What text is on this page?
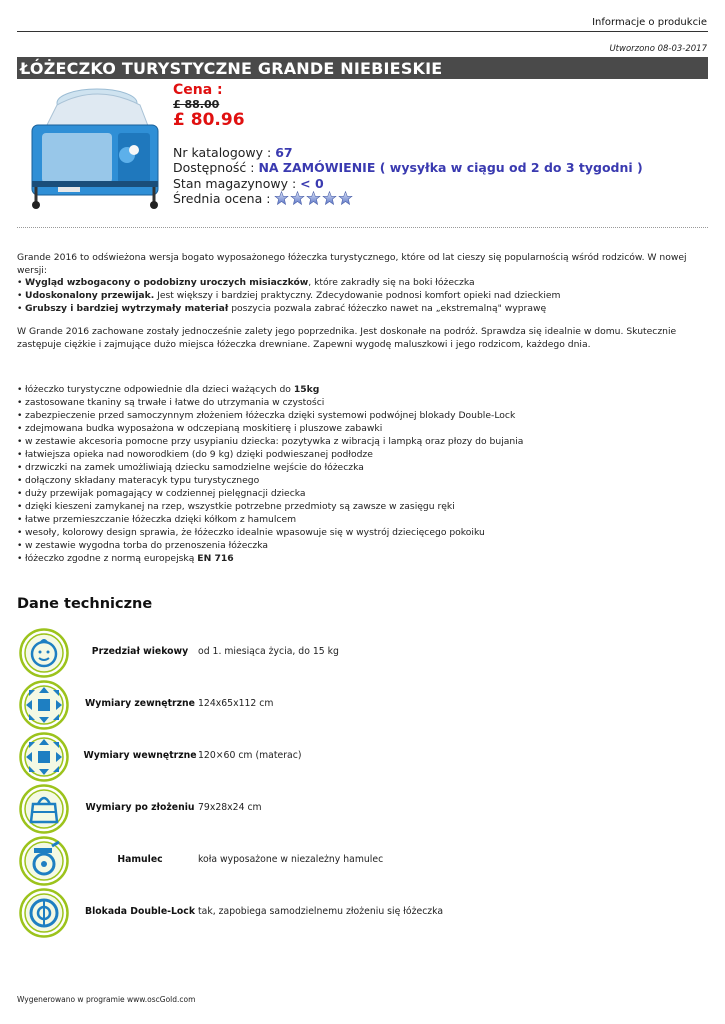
Informacje o produkcie
Utworzono 08-03-2017
ŁÓŻECZKO TURYSTYCZNE GRANDE NIEBIESKIE
Cena :
£ 88.00
£ 80.96
Nr katalogowy : 67
Dostępność : NA ZAMÓWIENIE ( wysyłka w ciągu od 2 do 3 tygodni )
Stan magazynowy : < 0
Średnia ocena :
Grande 2016 to odświeżona wersja bogato wyposażonego łóżeczka turystycznego, które od lat cieszy się popularnością wśród rodziców. W nowej wersji:
• Wygląd wzbogacony o podobizny uroczych misiaczków, które zakradły się na boki łóżeczka
• Udoskonalony przewijak. Jest większy i bardziej praktyczny. Zdecydowanie podnosi komfort opieki nad dzieckiem
• Grubszy i bardziej wytrzymały materiał poszycia pozwala zabrać łóżeczko nawet na „ekstremalną" wyprawę
W Grande 2016 zachowane zostały jednocześnie zalety jego poprzednika. Jest doskonałe na podróż. Sprawdza się idealnie w domu. Skutecznie zastępuje ciężkie i zajmujące dużo miejsca łóżeczka drewniane. Zapewni wygodę maluszkowi i jego rodzicom, każdego dnia.
• łóżeczko turystyczne odpowiednie dla dzieci ważących do 15kg
• zastosowane tkaniny są trwałe i łatwe do utrzymania w czystości
• zabezpieczenie przed samoczynnym złożeniem łóżeczka dzięki systemowi podwójnej blokady Double-Lock
• zdejmowana budka wyposażona w odczepianą moskitierę i pluszowe zabawki
• w zestawie akcesoria pomocne przy usypianiu dziecka: pozytywka z wibracją i lampką oraz płozy do bujania
• łatwiejsza opieka nad noworodkiem (do 9 kg) dzięki podwieszanej podłodze
• drzwiczki na zamek umożliwiają dziecku samodzielne wejście do łóżeczka
• dołączony składany materacyk typu turystycznego
• duży przewijak pomagający w codziennej pielęgnacji dziecka
• dzięki kieszeni zamykanej na rzep, wszystkie potrzebne przedmioty są zawsze w zasięgu ręki
• łatwe przemieszczanie łóżeczka dzięki kółkom z hamulcem
• wesoły, kolorowy design sprawia, że łóżeczko idealnie wpasowuje się w wystrój dziecięcego pokoiku
• w zestawie wygodna torba do przenoszenia łóżeczka
• łóżeczko zgodne z normą europejską EN 716
Dane techniczne
Przedział wiekowy	od 1. miesiąca życia, do 15 kg
Wymiary zewnętrzne 124x65x112 cm
Wymiary wewnętrzne 120×60 cm (materac)
Wymiary po złożeniu 79x28x24 cm
Hamulec	koła wyposażone w niezależny hamulec
Blokada Double-Lock tak, zapobiega samodzielnemu złożeniu się łóżeczka
Wygenerowano w programie www.oscGold.com
